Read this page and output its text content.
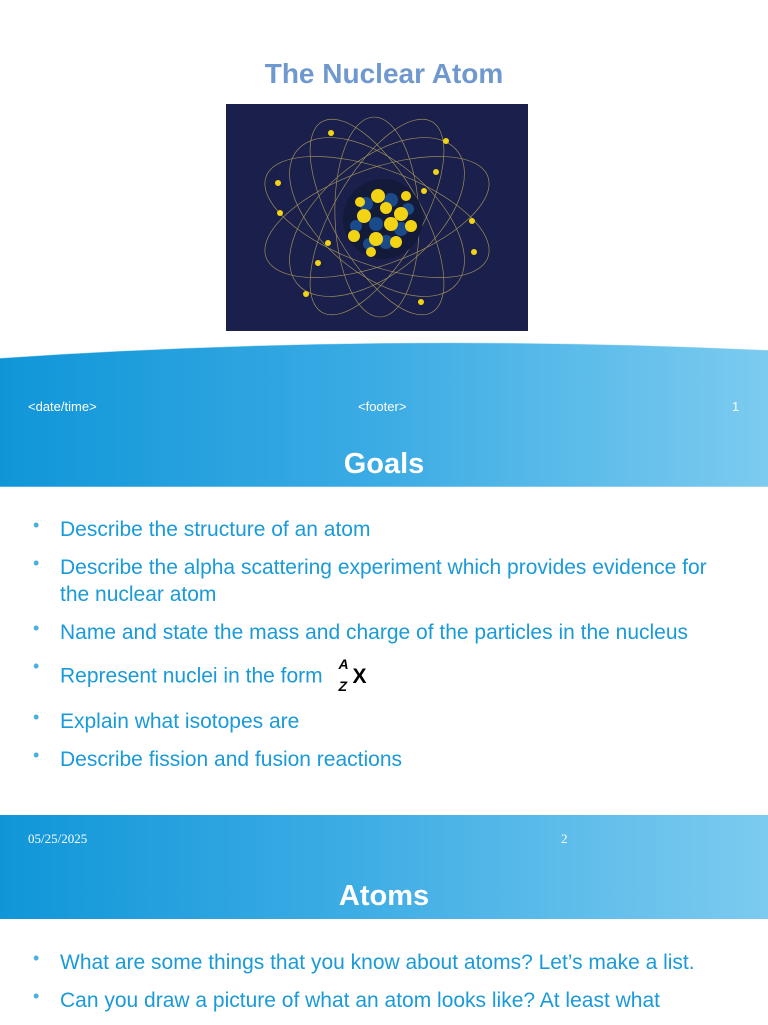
The Nuclear Atom
<date/time>	<footer>	1
Goals
• Describe the structure of an atom
• Describe the alpha scattering experiment which provides evidence for the nuclear atom
• Name and state the mass and charge of the particles in the nucleus
• Represent nuclei in the form
A
Z X
• Explain what isotopes are
• Describe fission and fusion reactions
05/25/2025	2
Atoms
• What are some things that you know about atoms? Let’s make a list.
• Can you draw a picture of what an atom looks like? At least what
